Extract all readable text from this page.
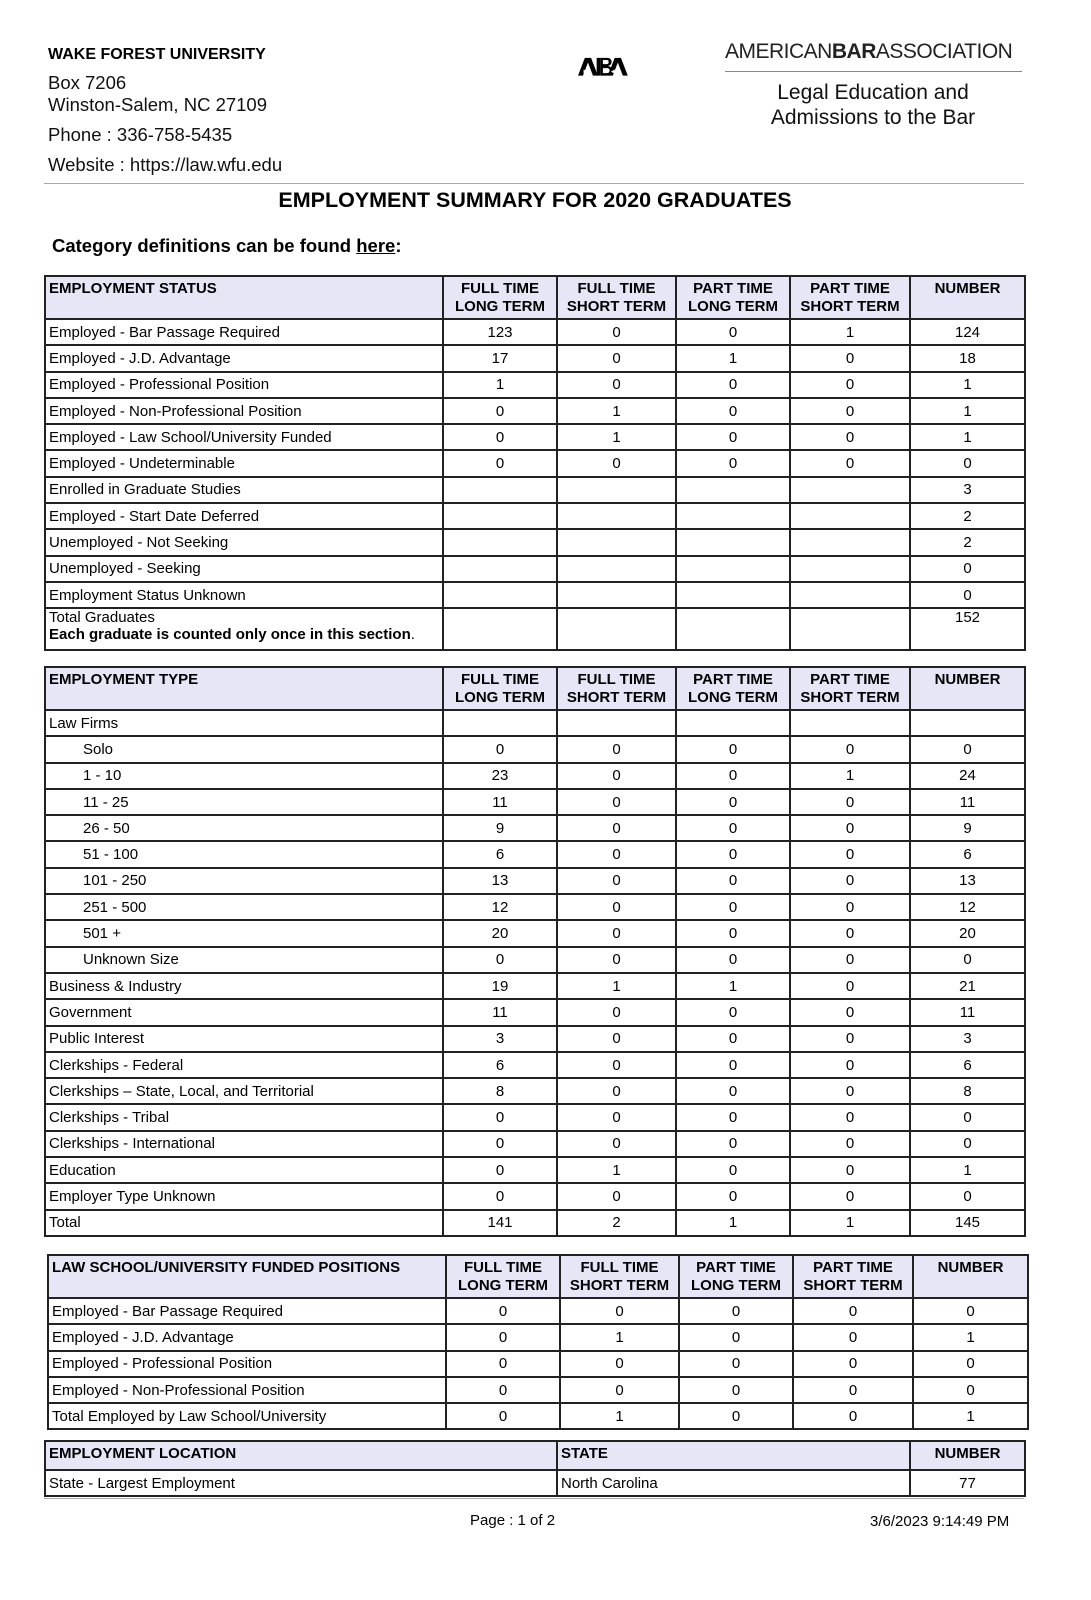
WAKE FOREST UNIVERSITY
Box 7206
Winston-Salem, NC 27109
Phone : 336-758-5435
Website : https://law.wfu.edu
AMERICANBARASSOCIATION
Legal Education and
Admissions to the Bar
EMPLOYMENT SUMMARY FOR 2020 GRADUATES
Category definitions can be found here:
EMPLOYMENT STATUS	FULL TIME LONG TERM	FULL TIME SHORT TERM	PART TIME LONG TERM	PART TIME SHORT TERM	NUMBER
Employed - Bar Passage Required	123	0	0	1	124
Employed - J.D. Advantage	17	0	1	0	18
Employed - Professional Position	1	0	0	0	1
Employed - Non-Professional Position	0	1	0	0	1
Employed - Law School/University Funded	0	1	0	0	1
Employed - Undeterminable	0	0	0	0	0
Enrolled in Graduate Studies					3
Employed - Start Date Deferred					2
Unemployed - Not Seeking					2
Unemployed - Seeking					0
Employment Status Unknown					0

Total Graduates
Each graduate is counted only once in this section.					152
EMPLOYMENT TYPE	FULL TIME LONG TERM	FULL TIME SHORT TERM	PART TIME LONG TERM	PART TIME SHORT TERM	NUMBER
Law Firms					
Solo	0	0	0	0	0
1 - 10	23	0	0	1	24
11 - 25	11	0	0	0	11
26 - 50	9	0	0	0	9
51 - 100	6	0	0	0	6
101 - 250	13	0	0	0	13
251 - 500	12	0	0	0	12
501 +	20	0	0	0	20
Unknown Size	0	0	0	0	0
Business & Industry	19	1	1	0	21
Government	11	0	0	0	11
Public Interest	3	0	0	0	3
Clerkships - Federal	6	0	0	0	6
Clerkships – State, Local, and Territorial	8	0	0	0	8
Clerkships - Tribal	0	0	0	0	0
Clerkships - International	0	0	0	0	0
Education	0	1	0	0	1
Employer Type Unknown	0	0	0	0	0
Total	141	2	1	1	145
LAW SCHOOL/UNIVERSITY FUNDED POSITIONS	FULL TIME LONG TERM	FULL TIME SHORT TERM	PART TIME LONG TERM	PART TIME SHORT TERM	NUMBER
Employed - Bar Passage Required	0	0	0	0	0
Employed - J.D. Advantage	0	1	0	0	1
Employed - Professional Position	0	0	0	0	0
Employed - Non-Professional Position	0	0	0	0	0
Total Employed by Law School/University	0	1	0	0	1
EMPLOYMENT LOCATION	STATE	NUMBER
State - Largest Employment	North Carolina	77
Page : 1 of 2	3/6/2023 9:14:49 PM
